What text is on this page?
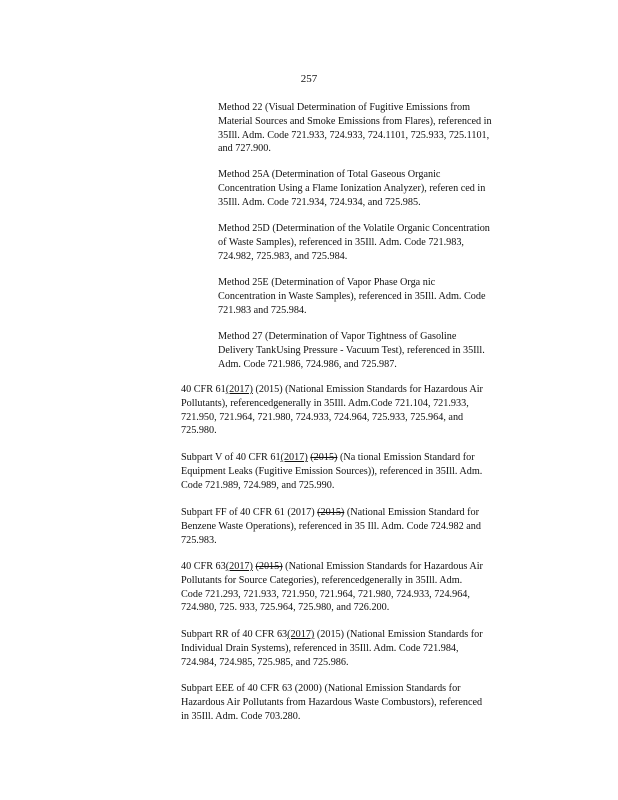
257
Method 22 (Visual Determination of Fugitive Emissions from
Material Sources and Smoke Emissions from Flares), referenced in
35Ill. Adm. Code 721.933, 724.933, 724.1101, 725.933, 725.1101,
and 727.900.
Method 25A (Determination of Total Gaseous Organic
Concentration Using a Flame Ionization Analyzer), referen ced in
35Ill. Adm. Code 721.934, 724.934, and 725.985.
Method 25D (Determination of the Volatile Organic Concentration
of Waste Samples), referenced in 35Ill. Adm. Code 721.983,
724.982, 725.983, and 725.984.
Method 25E (Determination of Vapor Phase Orga nic
Concentration in Waste Samples), referenced in 35Ill. Adm. Code
721.983 and 725.984.
Method 27 (Determination of Vapor Tightness of Gasoline
Delivery TankUsing Pressure - Vacuum Test), referenced in 35Ill.
Adm. Code 721.986, 724.986, and 725.987.
40 CFR 61(2017) (2015) (National Emission Standards for Hazardous Air
Pollutants), referencedgenerally in 35Ill. Adm.Code 721.104, 721.933,
721.950, 721.964, 721.980, 724.933, 724.964, 725.933, 725.964, and
725.980.
Subpart V of 40 CFR 61(2017) (2015) (Na tional Emission Standard for
Equipment Leaks (Fugitive Emission Sources)), referenced in 35Ill. Adm.
Code 721.989, 724.989, and 725.990.
Subpart FF of 40 CFR 61 (2017) (2015) (National Emission Standard for
Benzene Waste Operations), referenced in 35 Ill. Adm. Code 724.982 and
725.983.
40 CFR 63(2017) (2015) (National Emission Standards for Hazardous Air
Pollutants for Source Categories), referencedgenerally in 35Ill. Adm.
Code 721.293, 721.933, 721.950, 721.964, 721.980, 724.933, 724.964,
724.980, 725. 933, 725.964, 725.980, and 726.200.
Subpart RR of 40 CFR 63(2017) (2015) (National Emission Standards for
Individual Drain Systems), referenced in 35Ill. Adm. Code 721.984,
724.984, 724.985, 725.985, and 725.986.
Subpart EEE of 40 CFR 63 (2000) (National Emission Standards for
Hazardous Air Pollutants from Hazardous Waste Combustors), referenced
in 35Ill. Adm. Code 703.280.
